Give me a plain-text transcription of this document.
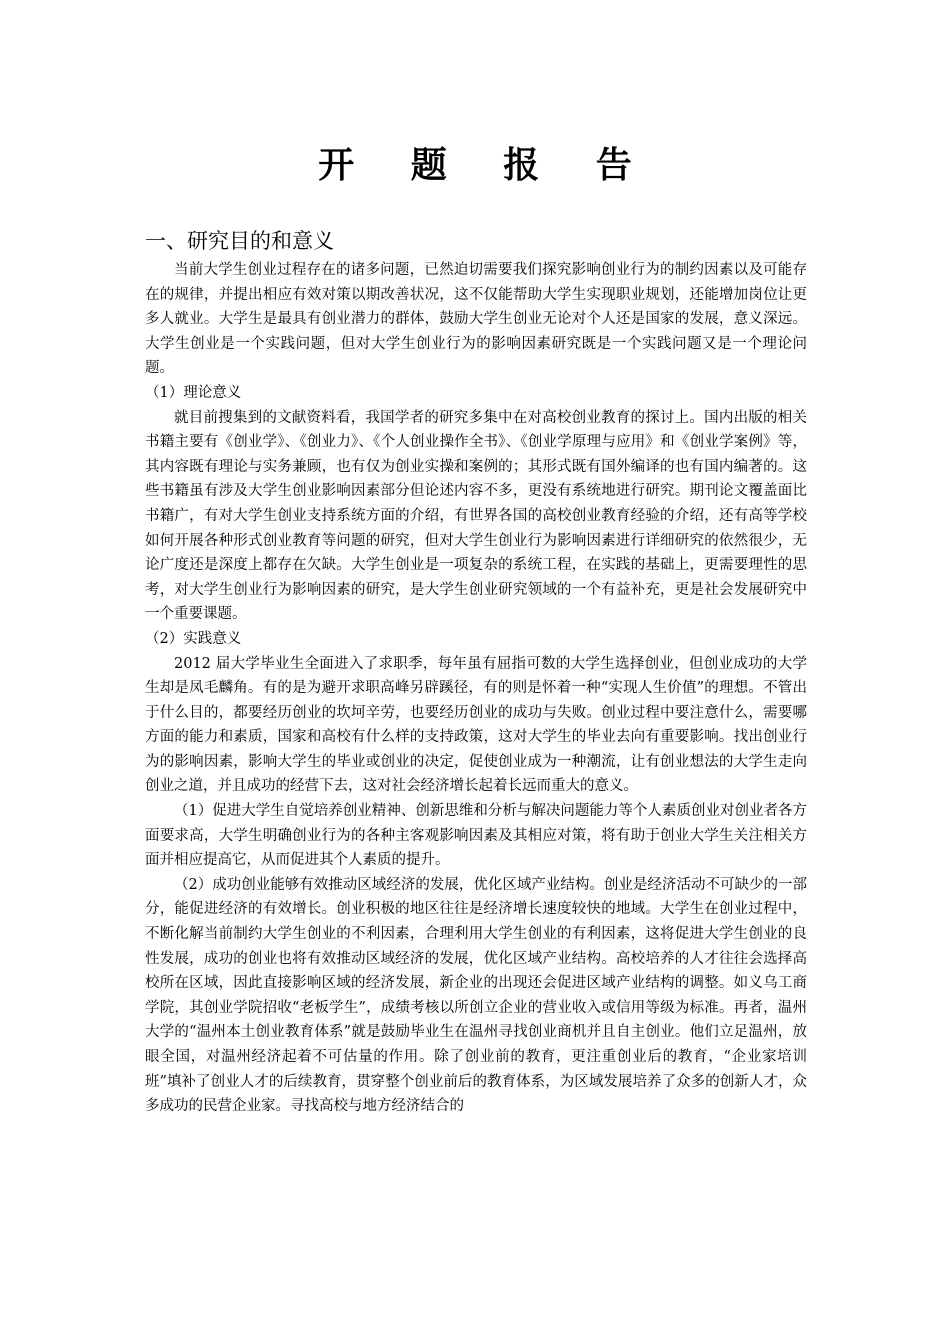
开 题 报 告
一、研究目的和意义

当前大学生创业过程存在的诸多问题，已然迫切需要我们探究影响创业行为的制约因素以及可能存在的规律，并提出相应有效对策以期改善状况，这不仅能帮助大学生实现职业规划，还能增加岗位让更多人就业。大学生是最具有创业潜力的群体，鼓励大学生创业无论对个人还是国家的发展，意义深远。大学生创业是一个实践问题，但对大学生创业行为的影响因素研究既是一个实践问题又是一个理论问题。

（1）理论意义

就目前搜集到的文献资料看，我国学者的研究多集中在对高校创业教育的探讨上。国内出版的相关书籍主要有《创业学》、《创业力》、《个人创业操作全书》、《创业学原理与应用》和《创业学案例》等，其内容既有理论与实务兼顾，也有仅为创业实操和案例的；其形式既有国外编译的也有国内编著的。这些书籍虽有涉及大学生创业影响因素部分但论述内容不多，更没有系统地进行研究。期刊论文覆盖面比书籍广，有对大学生创业支持系统方面的介绍，有世界各国的高校创业教育经验的介绍，还有高等学校如何开展各种形式创业教育等问题的研究，但对大学生创业行为影响因素进行详细研究的依然很少，无论广度还是深度上都存在欠缺。大学生创业是一项复杂的系统工程，在实践的基础上，更需要理性的思考，对大学生创业行为影响因素的研究，是大学生创业研究领域的一个有益补充，更是社会发展研究中一个重要课题。

（2）实践意义

2012 届大学毕业生全面进入了求职季，每年虽有屈指可数的大学生选择创业，但创业成功的大学生却是凤毛麟角。有的是为避开求职高峰另辟蹊径，有的则是怀着一种“实现人生价值”的理想。不管出于什么目的，都要经历创业的坎坷辛劳，也要经历创业的成功与失败。创业过程中要注意什么，需要哪方面的能力和素质，国家和高校有什么样的支持政策，这对大学生的毕业去向有重要影响。找出创业行为的影响因素，影响大学生的毕业或创业的决定，促使创业成为一种潮流，让有创业想法的大学生走向创业之道，并且成功的经营下去，这对社会经济增长起着长远而重大的意义。

（1）促进大学生自觉培养创业精神、创新思维和分析与解决问题能力等个人素质创业对创业者各方面要求高，大学生明确创业行为的各种主客观影响因素及其相应对策，将有助于创业大学生关注相关方面并相应提高它，从而促进其个人素质的提升。

（2）成功创业能够有效推动区域经济的发展，优化区域产业结构。创业是经济活动不可缺少的一部分，能促进经济的有效增长。创业积极的地区往往是经济增长速度较快的地域。大学生在创业过程中，不断化解当前制约大学生创业的不利因素，合理利用大学生创业的有利因素，这将促进大学生创业的良性发展，成功的创业也将有效推动区域经济的发展，优化区域产业结构。高校培养的人才往往会选择高校所在区域，因此直接影响区域的经济发展，新企业的出现还会促进区域产业结构的调整。如义乌工商学院，其创业学院招收“老板学生”，成绩考核以所创立企业的营业收入或信用等级为标准。再者，温州大学的“温州本土创业教育体系”就是鼓励毕业生在温州寻找创业商机并且自主创业。他们立足温州，放眼全国，对温州经济起着不可估量的作用。除了创业前的教育，更注重创业后的教育，“企业家培训班”填补了创业人才的后续教育，贯穿整个创业前后的教育体系，为区域发展培养了众多的创新人才，众多成功的民营企业家。寻找高校与地方经济结合的
